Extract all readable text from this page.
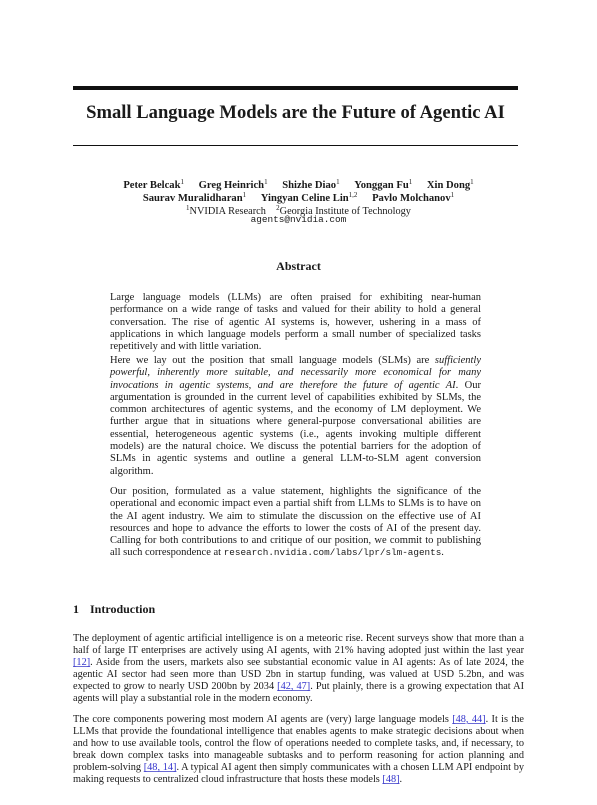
Small Language Models are the Future of Agentic AI

Peter Belcak$^1$ Greg Heinrich$^1$ Shizhe Diao$^1$ Yonggan Fu$^1$ Xin Dong$^1$

Saurav Muralidharan$^1$ Yingyan Celine Lin$^{1,2}$ Pavlo Molchanov$^1$

$^1$NVIDIA Research $^2$Georgia Institute of Technology
agents@nvidia.com
Abstract

Large language models (LLMs) are often praised for exhibiting near-human performance on a wide range of tasks and valued for their ability to hold a general conversation. The rise of agentic AI systems is, however, ushering in a mass of applications in which language models perform a small number of specialized tasks repetitively and with little variation.

Here we lay out the position that small language models (SLMs) are sufficiently powerful, inherently more suitable, and necessarily more economical for many invocations in agentic systems, and are therefore the future of agentic AI. Our argumentation is grounded in the current level of capabilities exhibited by SLMs, the common architectures of agentic systems, and the economy of LM deployment. We further argue that in situations where general-purpose conversational abilities are essential, heterogeneous agentic systems (i.e., agents invoking multiple different models) are the natural choice. We discuss the potential barriers for the adoption of SLMs in agentic systems and outline a general LLM-to-SLM agent conversion algorithm.

Our position, formulated as a value statement, highlights the significance of the operational and economic impact even a partial shift from LLMs to SLMs is to have on the AI agent industry. We aim to stimulate the discussion on the effective use of AI resources and hope to advance the efforts to lower the costs of AI of the present day. Calling for both contributions to and critique of our position, we commit to publishing all such correspondence at research.nvidia.com/labs/lpr/slm-agents.

1 Introduction

The deployment of agentic artificial intelligence is on a meteoric rise. Recent surveys show that more than a half of large IT enterprises are actively using AI agents, with 21% having adopted just within the last year [12]. Aside from the users, markets also see substantial economic value in AI agents: As of late 2024, the agentic AI sector had seen more than USD 2bn in startup funding, was valued at USD 5.2bn, and was expected to grow to nearly USD 200bn by 2034 [42, 47]. Put plainly, there is a growing expectation that AI agents will play a substantial role in the modern economy.

The core components powering most modern AI agents are (very) large language models [48, 44]. It is the LLMs that provide the foundational intelligence that enables agents to make strategic decisions about when and how to use available tools, control the flow of operations needed to complete tasks, and, if necessary, to break down complex tasks into manageable subtasks and to perform reasoning for action planning and problem-solving [48, 14]. A typical AI agent then simply communicates with a chosen LLM API endpoint by making requests to centralized cloud infrastructure that hosts these models [48].
